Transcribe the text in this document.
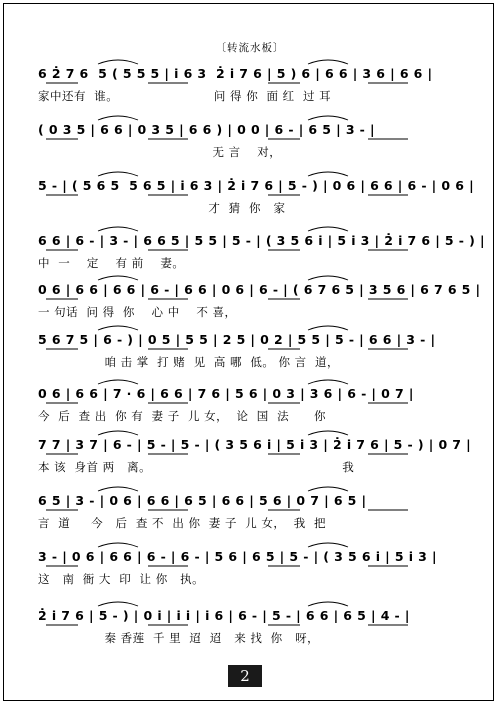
〔转流水板〕
6 2̇ 7 6  5 ( 5 5 5 | i 6 3  2̇ i 7 6 | 5 ) 6 | 6 6 | 3 6 | 6 6 |
家中还有  谁。                       问 得 你  面 红  过 耳
( 0 3 5 | 6 6 | 0 3 5 | 6 6 ) | 0 0 | 6 - | 6 5 | 3 - |
无 言    对，
5 - | ( 5 6 5  5 6 5 | i 6 3 | 2̇ i 7 6 | 5 - ) | 0 6 | 6 6 | 6 - | 0 6 |
才  猜  你   家
6 6 | 6 - | 3 - | 6 6 5 | 5 5 | 5 - | ( 3 5 6 i | 5 i 3 | 2̇ i 7 6 | 5 - ) |
中  一    定    有 前    妻。
0 6 | 6 6 | 6 6 | 6 - | 6 6 | 0 6 | 6 - | ( 6 7 6 5 | 3 5 6 | 6 7 6 5 |
一 句话  问 得  你    心 中    不 喜，
5 6 7 5 | 6 - ) | 0 5 | 5 5 | 2 5 | 0 2 | 5 5 | 5 - | 6 6 | 3 - |
咱 击 掌  打 赌  见  高 哪  低。 你 言  道，
0 6 | 6 6 | 7 · 6 | 6 6 | 7 6 | 5 6 | 0 3 | 3 6 | 6 - | 0 7 |
今  后  查 出  你 有  妻 子  儿 女，  论  国  法      你
7 7 | 3 7 | 6 - | 5 - | 5 - | ( 3 5 6 i | 5 i 3 | 2̇ i 7 6 | 5 - ) | 0 7 |
本 该  身首 两   离。                                              我
6 5 | 3 - | 0 6 | 6 6 | 6 5 | 6 6 | 5 6 | 0 7 | 6 5 |
言  道     今   后  查 不  出 你  妻 子  儿 女，  我  把
3 - | 0 6 | 6 6 | 6 - | 6 - | 5 6 | 6 5 | 5 - | ( 3 5 6 i | 5 i 3 |
这   南  衙 大  印  让 你   执。
2̇ i 7 6 | 5 - ) | 0 i | i i | i 6 | 6 - | 5 - | 6 6 | 6 5 | 4 - |
秦 香莲  千 里  迢  迢   来 找  你   呀，
2
